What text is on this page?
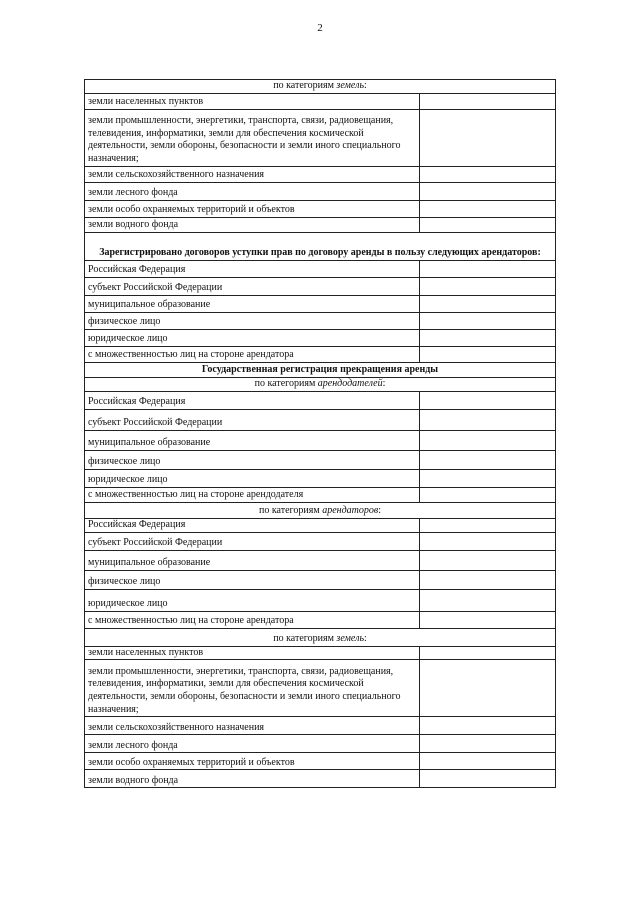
2
по категориям земель:	
земли населенных пунктов	
земли промышленности, энергетики, транспорта, связи, радиовещания, телевидения, информатики, земли для обеспечения космической деятельности, земли обороны, безопасности и земли иного специального назначения;	
земли сельскохозяйственного назначения	
земли лесного фонда	
земли особо охраняемых территорий и объектов	
земли водного фонда	
Зарегистрировано договоров уступки прав по договору аренды в пользу следующих арендаторов:	
Российская Федерация	
субъект Российской Федерации	
муниципальное образование	
физическое лицо	
юридическое лицо	
с множественностью лиц на стороне арендатора	
Государственная регистрация прекращения аренды	
по категориям арендодателей:	
Российская Федерация	
субъект Российской Федерации	
муниципальное образование	
физическое лицо	
юридическое лицо	
с множественностью лиц на стороне арендодателя	
по категориям арендаторов:	
Российская Федерация	
субъект Российской Федерации	
муниципальное образование	
физическое лицо	
юридическое лицо	
с множественностью лиц на стороне арендатора	
по категориям земель:	
земли населенных пунктов	
земли промышленности, энергетики, транспорта, связи, радиовещания, телевидения, информатики, земли для обеспечения космической деятельности, земли обороны, безопасности и земли иного специального назначения;	
земли сельскохозяйственного назначения	
земли лесного фонда	
земли особо охраняемых территорий и объектов	
земли водного фонда	
